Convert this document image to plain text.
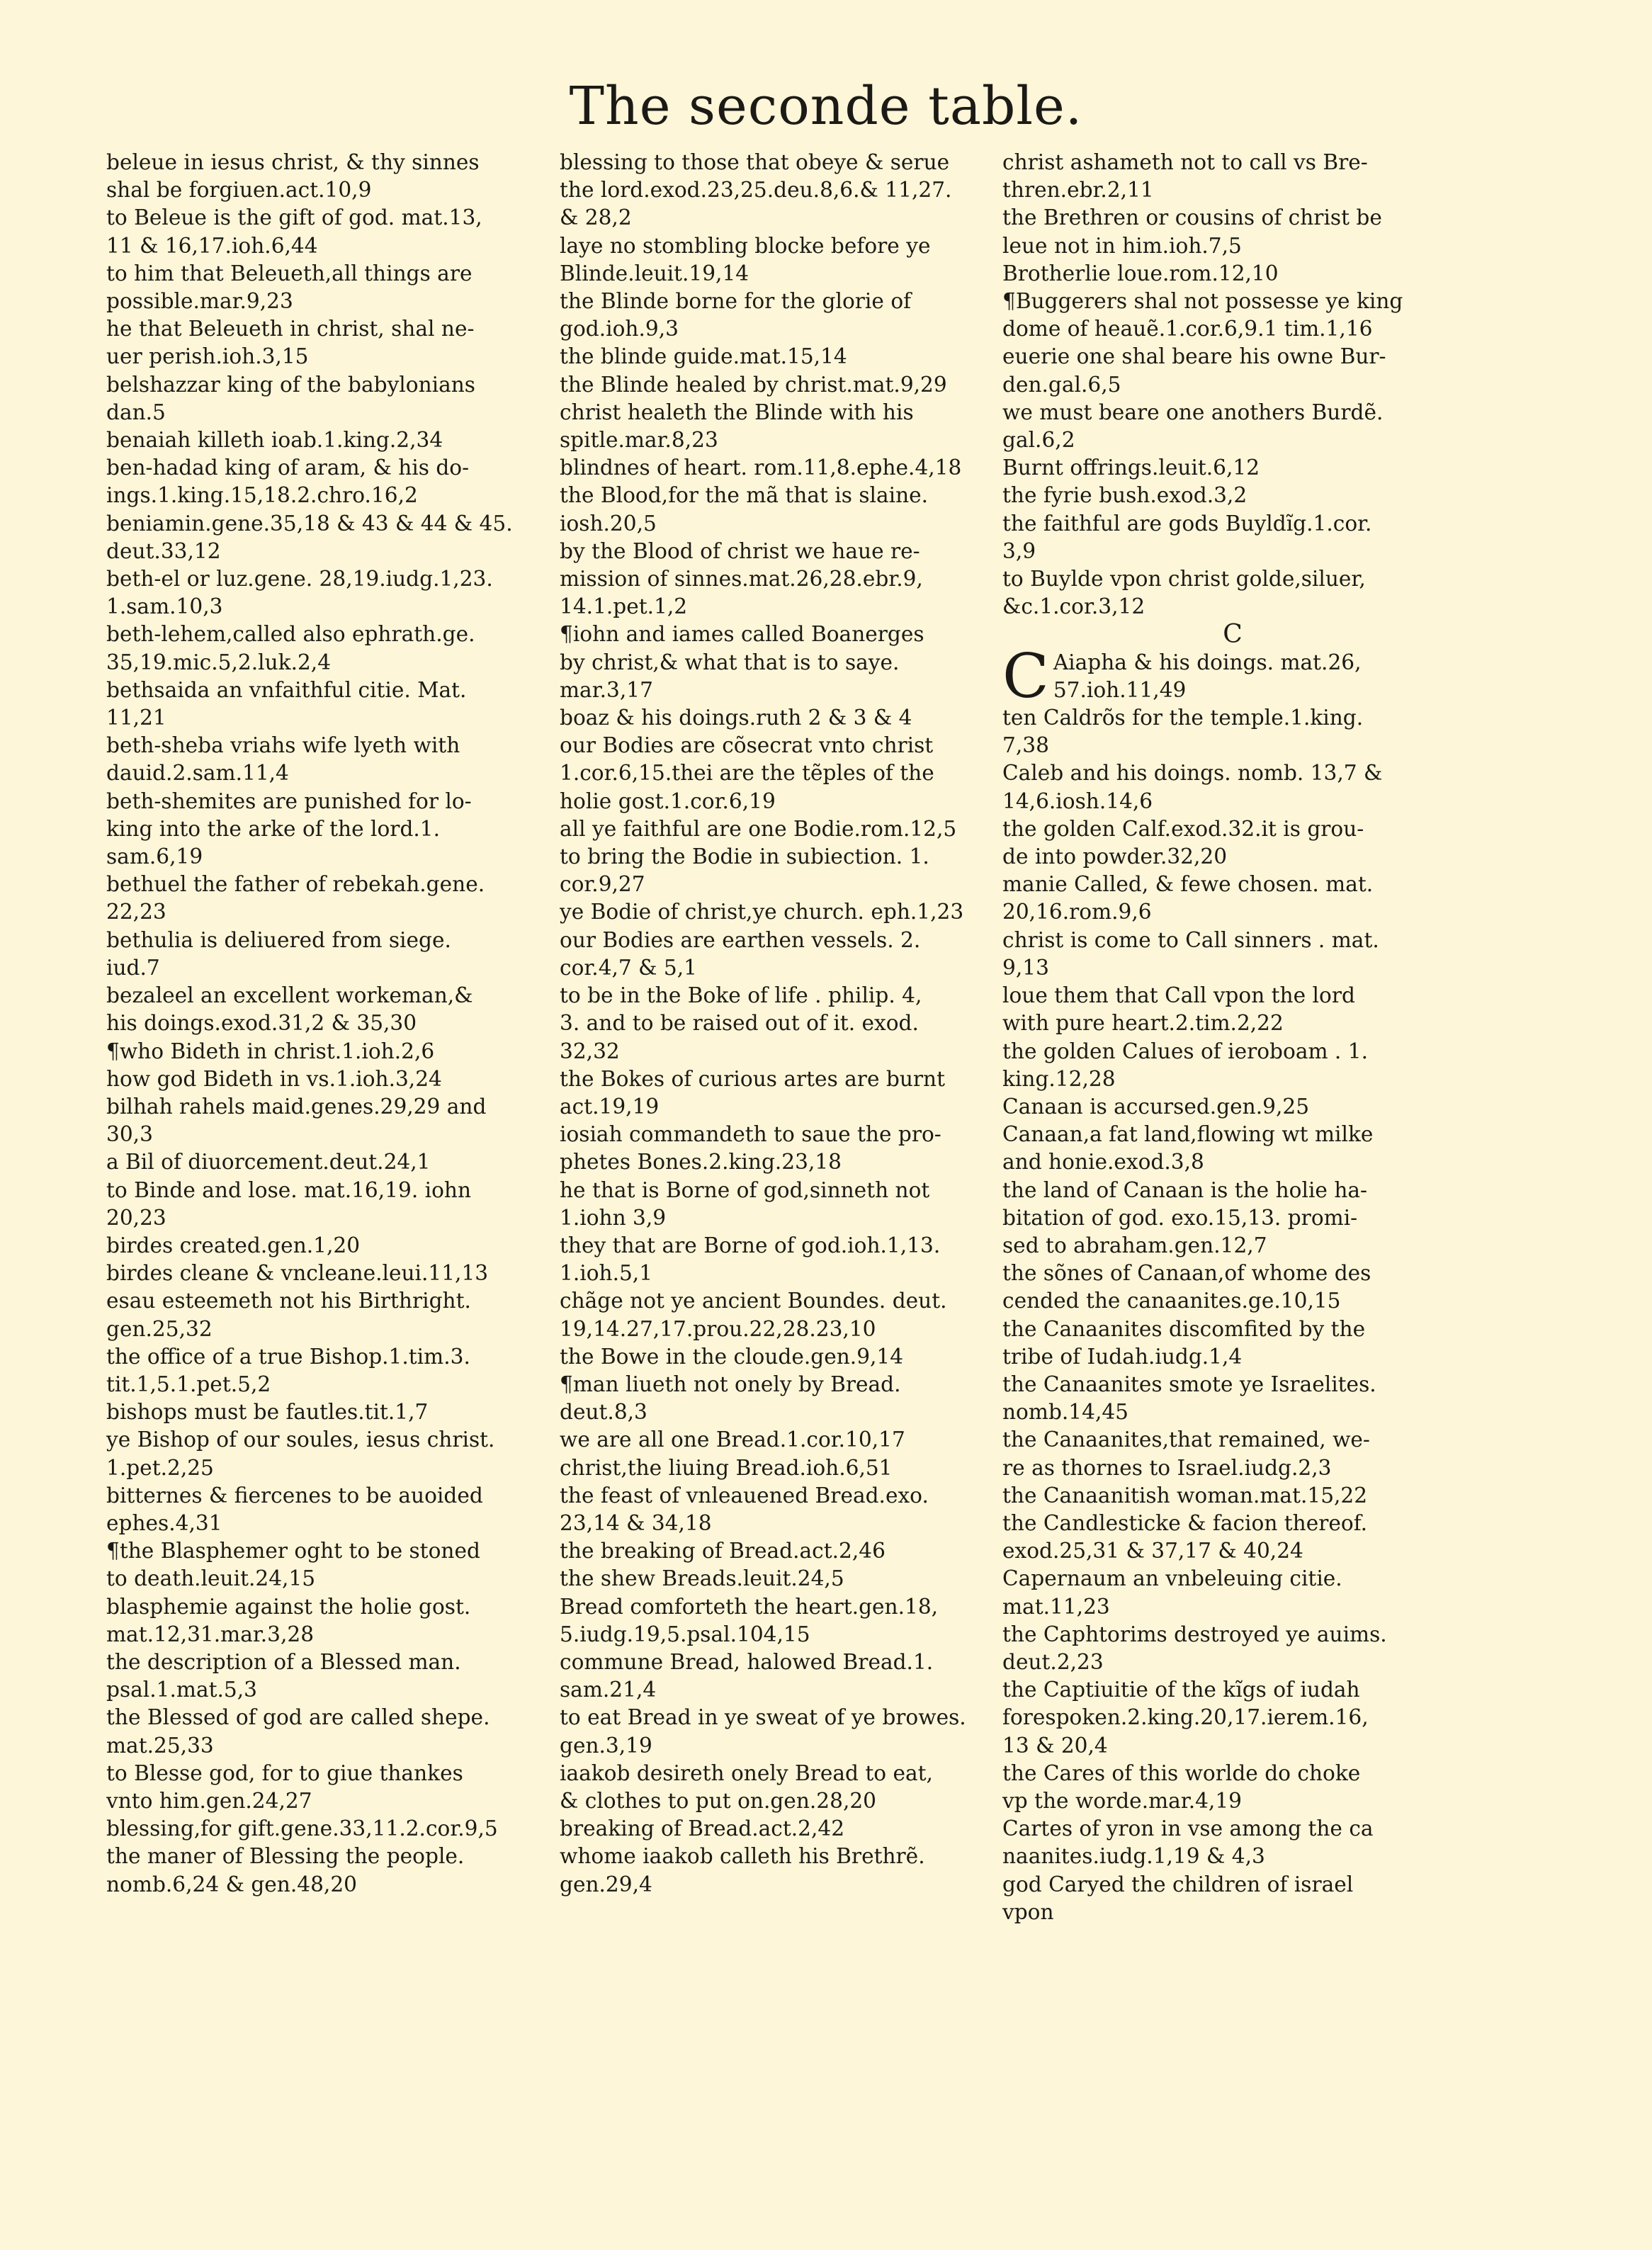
The seconde table.

beleue in iesus christ, & thy sinnes

shal be forgiuen.act.10,9

to Beleue is the gift of god. mat.13,

11 & 16,17.ioh.6,44

to him that Beleueth,all things are

possible.mar.9,23

he that Beleueth in christ, shal ne-

uer perish.ioh.3,15

belshazzar king of the babylonians

dan.5

benaiah killeth ioab.1.king.2,34

ben-hadad king of aram, & his do-

ings.1.king.15,18.2.chro.16,2

beniamin.gene.35,18 & 43 & 44 & 45.

deut.33,12

beth-el or luz.gene. 28,19.iudg.1,23.

1.sam.10,3

beth-lehem,called also ephrath.ge.

35,19.mic.5,2.luk.2,4

bethsaida an vnfaithful citie. Mat.

11,21

beth-sheba vriahs wife lyeth with

dauid.2.sam.11,4

beth-shemites are punished for lo-

king into the arke of the lord.1.

sam.6,19

bethuel the father of rebekah.gene.

22,23

bethulia is deliuered from siege.

iud.7

bezaleel an excellent workeman,&

his doings.exod.31,2 & 35,30

¶who Bideth in christ.1.ioh.2,6

how god Bideth in vs.1.ioh.3,24

bilhah rahels maid.genes.29,29 and

30,3

a Bil of diuorcement.deut.24,1

to Binde and lose. mat.16,19. iohn

20,23

birdes created.gen.1,20

birdes cleane & vncleane.leui.11,13

esau esteemeth not his Birthright.

gen.25,32

the office of a true Bishop.1.tim.3.

tit.1,5.1.pet.5,2

bishops must be fautles.tit.1,7

ye Bishop of our soules, iesus christ.

1.pet.2,25

bitternes & fiercenes to be auoided

ephes.4,31

¶the Blasphemer oght to be stoned

to death.leuit.24,15

blasphemie against the holie gost.

mat.12,31.mar.3,28

the description of a Blessed man.

psal.1.mat.5,3

the Blessed of god are called shepe.

mat.25,33

to Blesse god, for to giue thankes

vnto him.gen.24,27

blessing,for gift.gene.33,11.2.cor.9,5

the maner of Blessing the people.

nomb.6,24 & gen.48,20

blessing to those that obeye & serue

the lord.exod.23,25.deu.8,6.& 11,27.

& 28,2

laye no stombling blocke before ye

Blinde.leuit.19,14

the Blinde borne for the glorie of

god.ioh.9,3

the blinde guide.mat.15,14

the Blinde healed by christ.mat.9,29

christ healeth the Blinde with his

spitle.mar.8,23

blindnes of heart. rom.11,8.ephe.4,18

the Blood,for the mã that is slaine.

iosh.20,5

by the Blood of christ we haue re-

mission of sinnes.mat.26,28.ebr.9,

14.1.pet.1,2

¶iohn and iames called Boanerges

by christ,& what that is to saye.

mar.3,17

boaz & his doings.ruth 2 & 3 & 4

our Bodies are cõsecrat vnto christ

1.cor.6,15.thei are the tẽples of the

holie gost.1.cor.6,19

all ye faithful are one Bodie.rom.12,5

to bring the Bodie in subiection. 1.

cor.9,27

ye Bodie of christ,ye church. eph.1,23

our Bodies are earthen vessels. 2.

cor.4,7 & 5,1

to be in the Boke of life . philip. 4,

3. and to be raised out of it. exod.

32,32

the Bokes of curious artes are burnt

act.19,19

iosiah commandeth to saue the pro-

phetes Bones.2.king.23,18

he that is Borne of god,sinneth not

1.iohn 3,9

they that are Borne of god.ioh.1,13.

1.ioh.5,1

chãge not ye ancient Boundes. deut.

19,14.27,17.prou.22,28.23,10

the Bowe in the cloude.gen.9,14

¶man liueth not onely by Bread.

deut.8,3

we are all one Bread.1.cor.10,17

christ,the liuing Bread.ioh.6,51

the feast of vnleauened Bread.exo.

23,14 & 34,18

the breaking of Bread.act.2,46

the shew Breads.leuit.24,5

Bread comforteth the heart.gen.18,

5.iudg.19,5.psal.104,15

commune Bread, halowed Bread.1.

sam.21,4

to eat Bread in ye sweat of ye browes.

gen.3,19

iaakob desireth onely Bread to eat,

& clothes to put on.gen.28,20

breaking of Bread.act.2,42

whome iaakob calleth his Brethrẽ.

gen.29,4

christ ashameth not to call vs Bre-

thren.ebr.2,11

the Brethren or cousins of christ be

leue not in him.ioh.7,5

Brotherlie loue.rom.12,10

¶Buggerers shal not possesse ye king

dome of heauẽ.1.cor.6,9.1 tim.1,16

euerie one shal beare his owne Bur-

den.gal.6,5

we must beare one anothers Burdẽ.

gal.6,2

Burnt offrings.leuit.6,12

the fyrie bush.exod.3,2

the faithful are gods Buyldĩg.1.cor.

3,9

to Buylde vpon christ golde,siluer,

&c.1.cor.3,12

C

C Aiapha & his doings. mat.26,
57.ioh.11,49

ten Caldrõs for the temple.1.king.

7,38

Caleb and his doings. nomb. 13,7 &

14,6.iosh.14,6

the golden Calf.exod.32.it is grou-

de into powder.32,20

manie Called, & fewe chosen. mat.

20,16.rom.9,6

christ is come to Call sinners . mat.

9,13

loue them that Call vpon the lord

with pure heart.2.tim.2,22

the golden Calues of ieroboam . 1.

king.12,28

Canaan is accursed.gen.9,25

Canaan,a fat land,flowing wt milke

and honie.exod.3,8

the land of Canaan is the holie ha-

bitation of god. exo.15,13. promi-

sed to abraham.gen.12,7

the sõnes of Canaan,of whome des

cended the canaanites.ge.10,15

the Canaanites discomfited by the

tribe of Iudah.iudg.1,4

the Canaanites smote ye Israelites.

nomb.14,45

the Canaanites,that remained, we-

re as thornes to Israel.iudg.2,3

the Canaanitish woman.mat.15,22

the Candlesticke & facion thereof.

exod.25,31 & 37,17 & 40,24

Capernaum an vnbeleuing citie.

mat.11,23

the Caphtorims destroyed ye auims.

deut.2,23

the Captiuitie of the kĩgs of iudah

forespoken.2.king.20,17.ierem.16,

13 & 20,4

the Cares of this worlde do choke

vp the worde.mar.4,19

Cartes of yron in vse among the ca

naanites.iudg.1,19 & 4,3

god Caryed the children of israel

vpon
